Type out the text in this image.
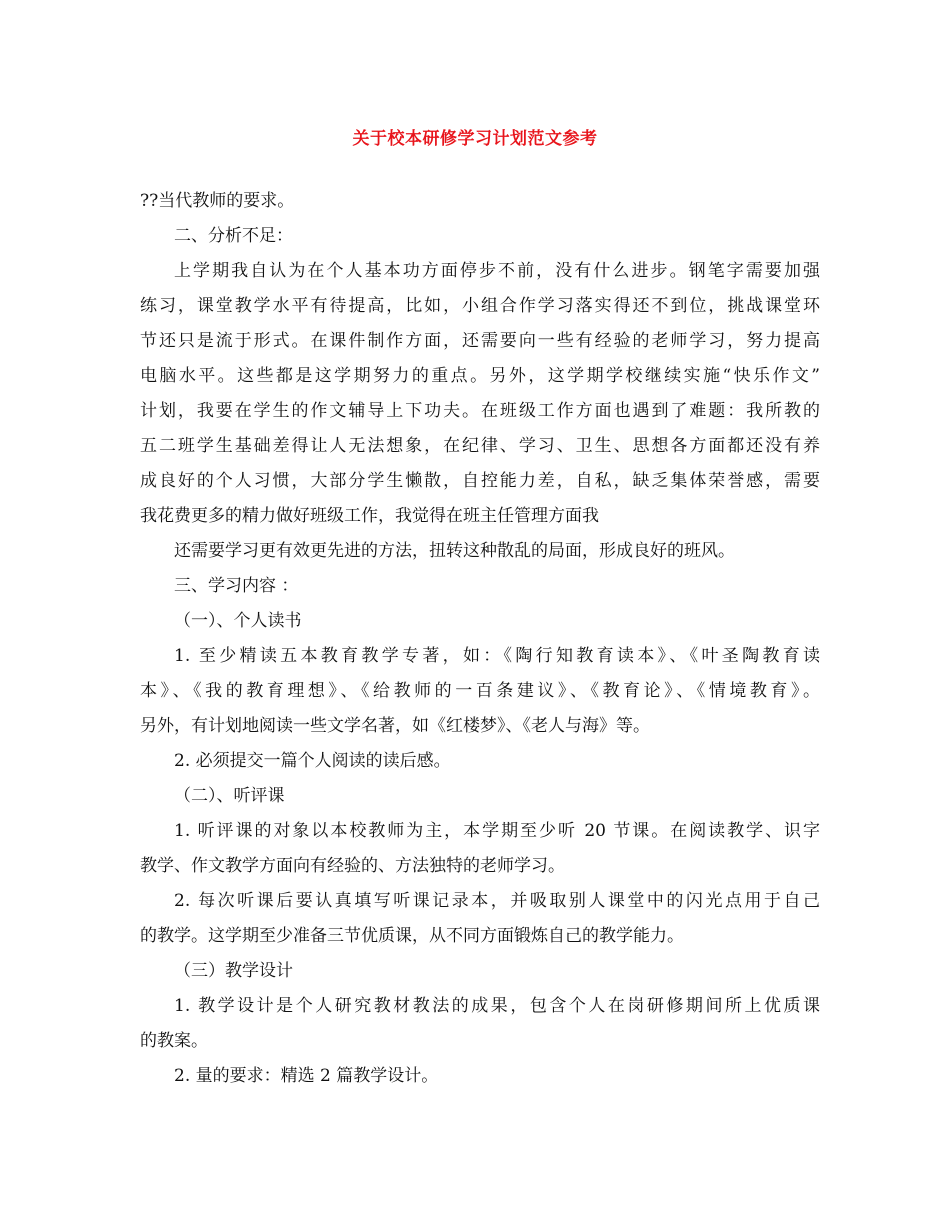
关于校本研修学习计划范文参考
??当代教师的要求。
二、分析不足：
上学期我自认为在个人基本功方面停步不前，没有什么进步。钢笔字需要加强
练习，课堂教学水平有待提高，比如，小组合作学习落实得还不到位，挑战课堂环
节还只是流于形式。在课件制作方面，还需要向一些有经验的老师学习，努力提高
电脑水平。这些都是这学期努力的重点。另外，这学期学校继续实施“快乐作文”
计划，我要在学生的作文辅导上下功夫。在班级工作方面也遇到了难题：我所教的
五二班学生基础差得让人无法想象，在纪律、学习、卫生、思想各方面都还没有养
成良好的个人习惯，大部分学生懒散，自控能力差，自私，缺乏集体荣誉感，需要
我花费更多的精力做好班级工作，我觉得在班主任管理方面我
还需要学习更有效更先进的方法，扭转这种散乱的局面，形成良好的班风。
三、学习内容 ：
（一）、个人读书
1. 至少精读五本教育教学专著，如：《陶行知教育读本》、《叶圣陶教育读
本》、《我的教育理想》、《给教师的一百条建议》、《教育论》、《情境教育》。
另外，有计划地阅读一些文学名著，如《红楼梦》、《老人与海》等。
2. 必须提交一篇个人阅读的读后感。
（二）、听评课
1. 听评课的对象以本校教师为主，本学期至少听 20 节课。在阅读教学、识字
教学、作文教学方面向有经验的、方法独特的老师学习。
2. 每次听课后要认真填写听课记录本，并吸取别人课堂中的闪光点用于自己
的教学。这学期至少准备三节优质课，从不同方面锻炼自己的教学能力。
（三）教学设计
1. 教学设计是个人研究教材教法的成果，包含个人在岗研修期间所上优质课
的教案。
2. 量的要求：精选 2 篇教学设计。
